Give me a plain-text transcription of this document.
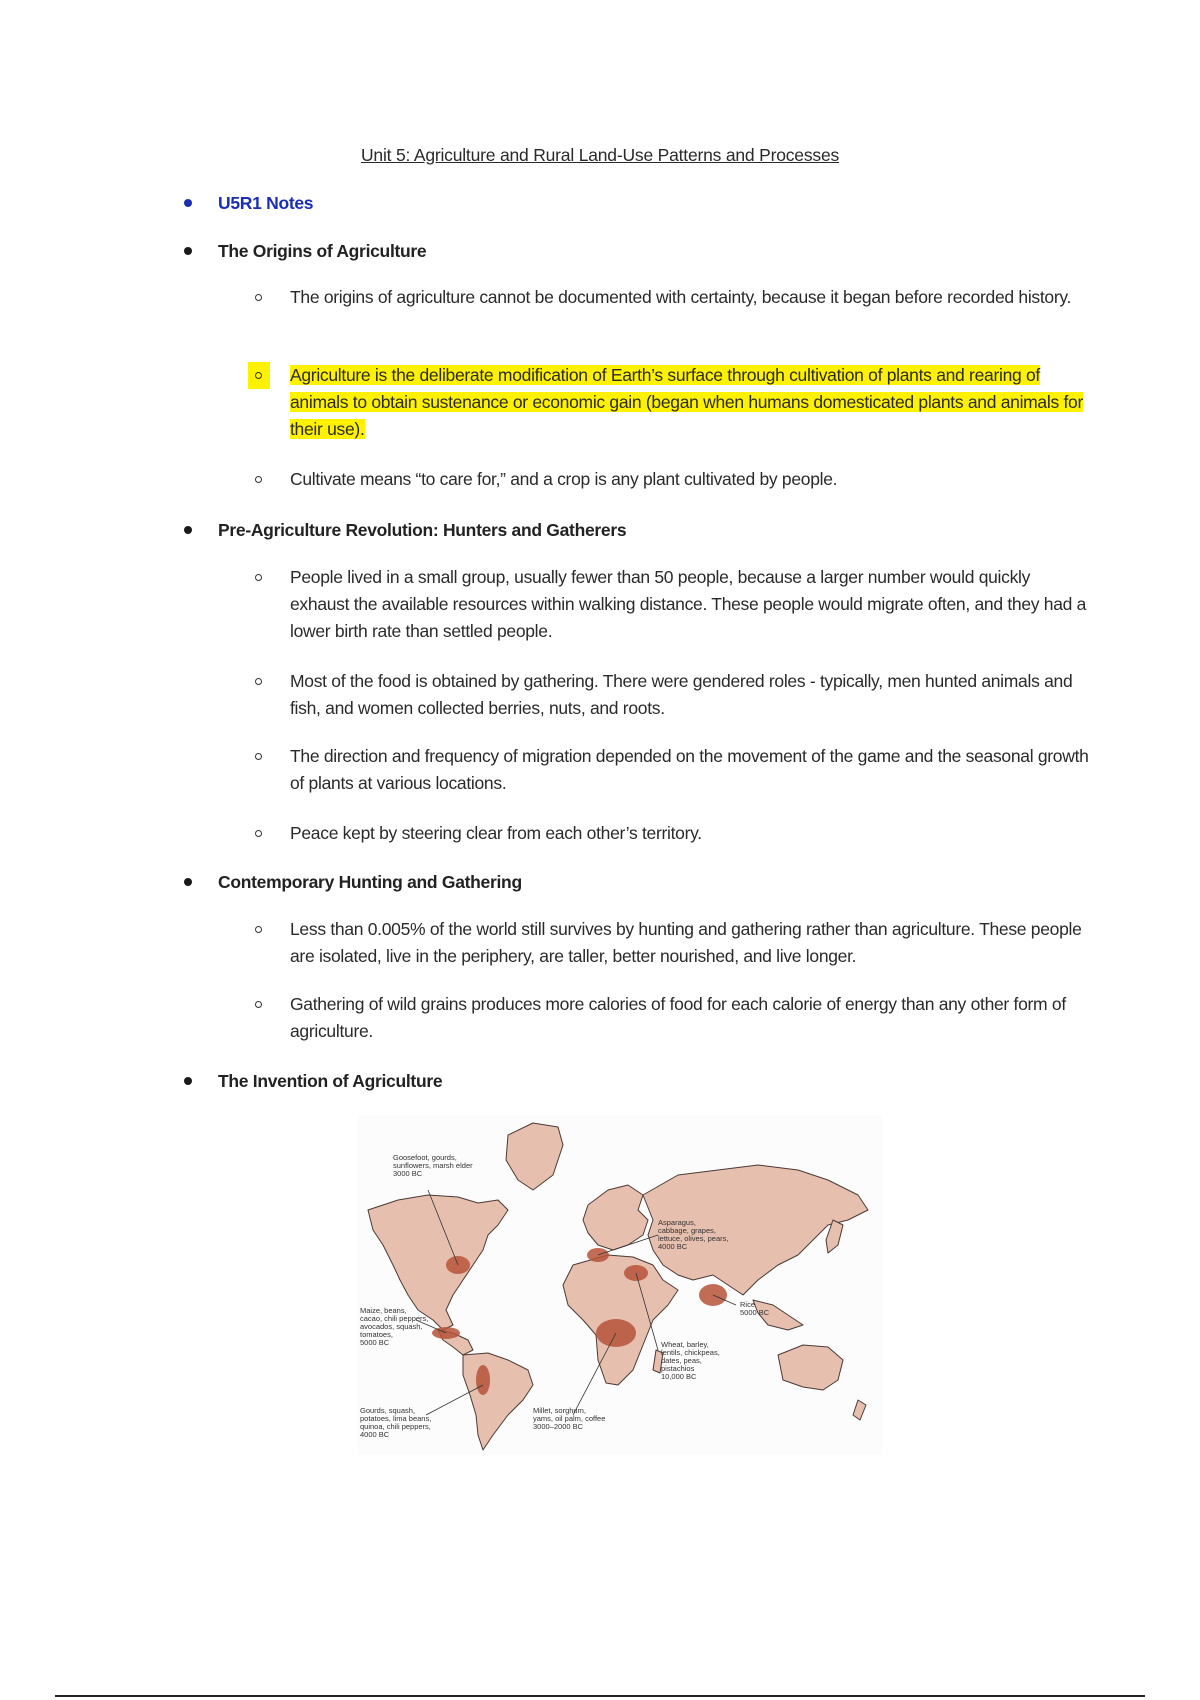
Unit 5: Agriculture and Rural Land-Use Patterns and Processes
U5R1 Notes
The Origins of Agriculture
The origins of agriculture cannot be documented with certainty, because it began before recorded history.
Agriculture is the deliberate modification of Earth’s surface through cultivation of plants and rearing of animals to obtain sustenance or economic gain (began when humans domesticated plants and animals for their use).
Cultivate means “to care for,” and a crop is any plant cultivated by people.
Pre-Agriculture Revolution: Hunters and Gatherers
People lived in a small group, usually fewer than 50 people, because a larger number would quickly exhaust the available resources within walking distance. These people would migrate often, and they had a lower birth rate than settled people.
Most of the food is obtained by gathering. There were gendered roles - typically, men hunted animals and fish, and women collected berries, nuts, and roots.
The direction and frequency of migration depended on the movement of the game and the seasonal growth of plants at various locations.
Peace kept by steering clear from each other’s territory.
Contemporary Hunting and Gathering
Less than 0.005% of the world still survives by hunting and gathering rather than agriculture. These people are isolated, live in the periphery, are taller, better nourished, and live longer.
Gathering of wild grains produces more calories of food for each calorie of energy than any other form of agriculture.
The Invention of Agriculture
Goosefoot, gourds, sunflowers, marsh elder 3000 BC
Maize, beans, cacao, chili peppers, avocados, squash, tomatoes, 5000 BC
Gourds, squash, potatoes, lima beans, quinoa, chili peppers, 4000 BC
Millet, sorghum, yams, oil palm, coffee 3000–2000 BC
Asparagus, cabbage, grapes, lettuce, olives, pears, 4000 BC
Wheat, barley, lentils, chickpeas, dates, peas, pistachios 10,000 BC
Rice 5000 BC
